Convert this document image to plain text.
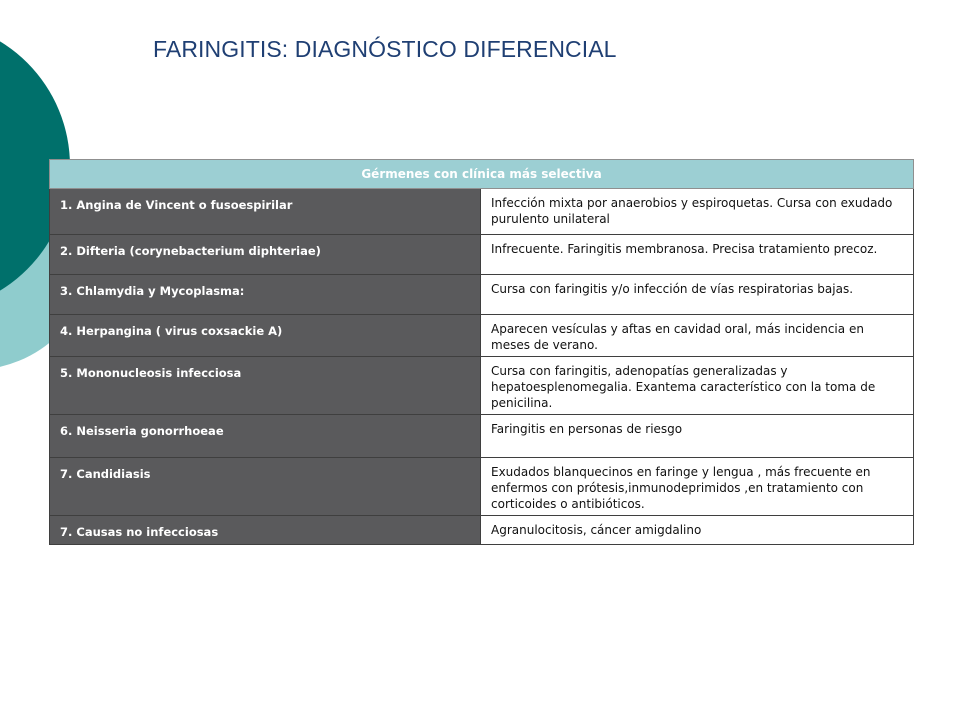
FARINGITIS: DIAGNÓSTICO DIFERENCIAL
Gérmenes con clínica más selectiva	
1. Angina de Vincent o fusoespirilar	Infección mixta por anaerobios y espiroquetas. Cursa con exudado purulento unilateral
2. Difteria (corynebacterium diphteriae)	Infrecuente. Faringitis membranosa. Precisa tratamiento precoz.
3. Chlamydia y Mycoplasma:	Cursa con faringitis y/o infección de vías respiratorias bajas.
4. Herpangina ( virus coxsackie A)	Aparecen vesículas y aftas en cavidad oral, más incidencia en meses de verano.
5. Mononucleosis infecciosa	Cursa con faringitis, adenopatías generalizadas y hepatoesplenomegalia. Exantema característico con la toma de penicilina.
6. Neisseria gonorrhoeae	Faringitis en personas de riesgo
7. Candidiasis	Exudados blanquecinos en faringe y lengua , más frecuente en enfermos con prótesis,inmunodeprimidos ,en tratamiento con corticoides o antibióticos.
7. Causas no infecciosas	Agranulocitosis, cáncer amigdalino
